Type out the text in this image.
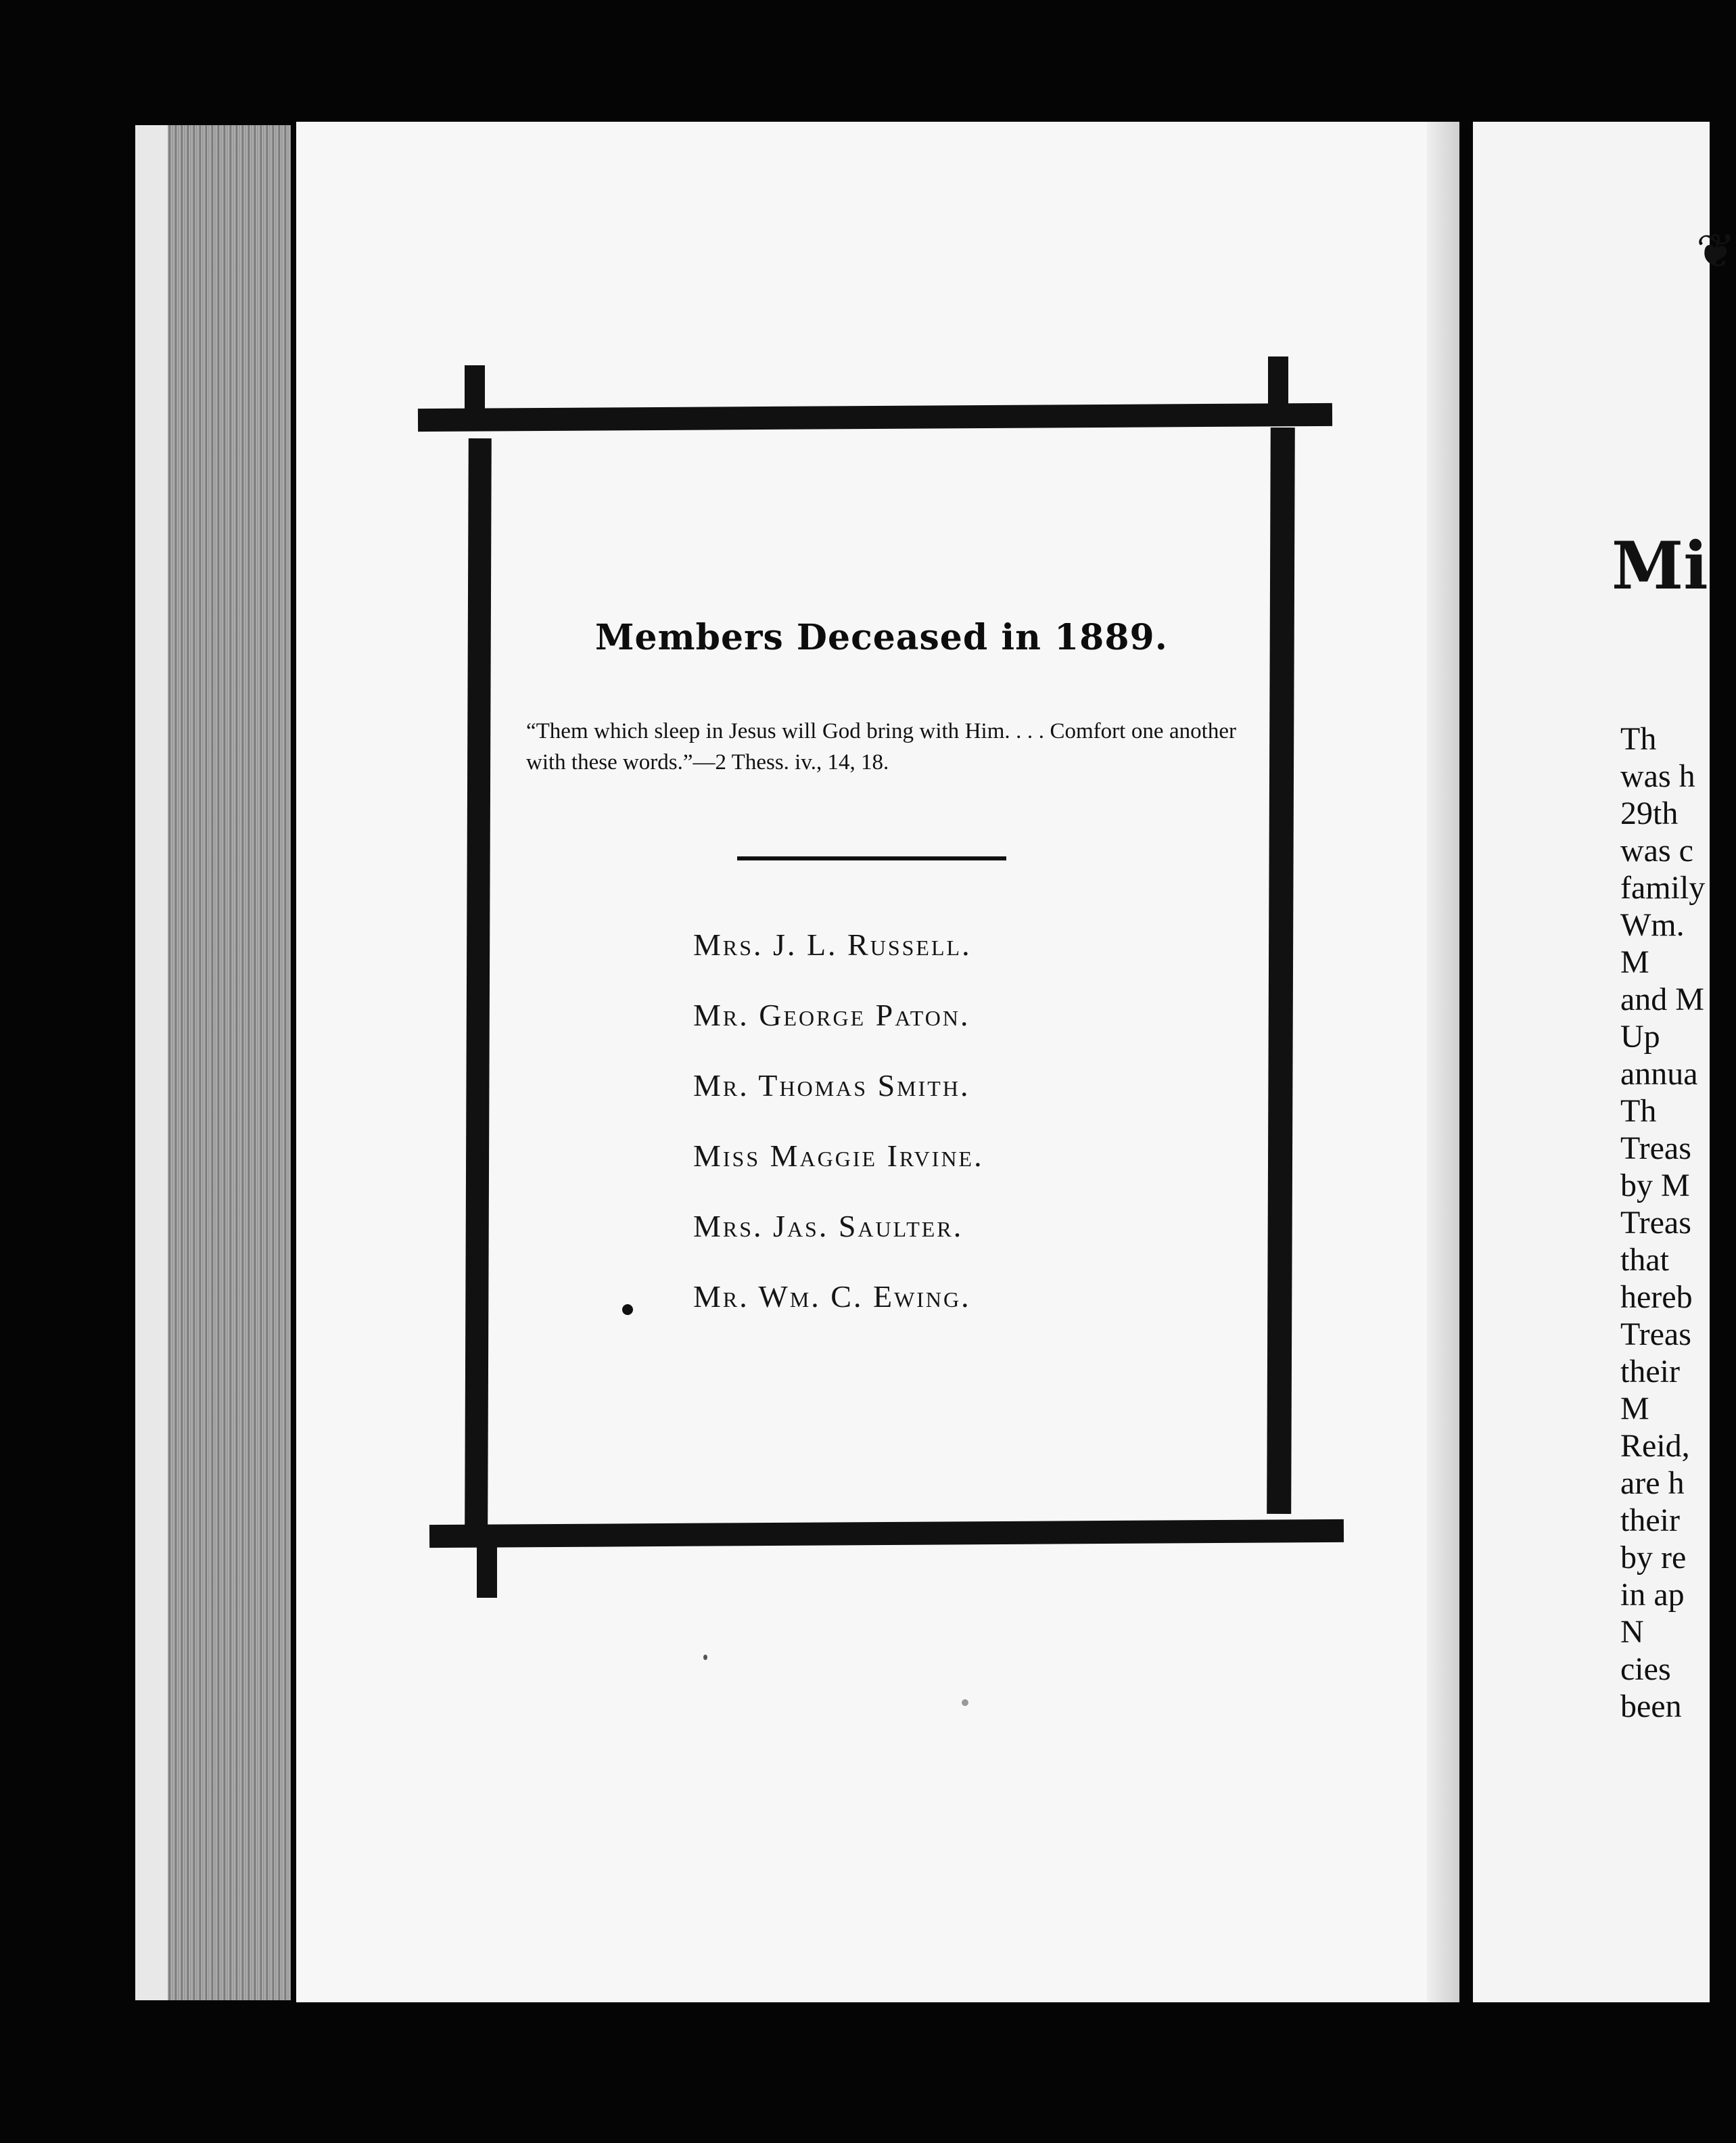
Members Deceased in 1889.
“Them which sleep in Jesus will God bring with Him. . . . Comfort one another with these words.”—2 Thess. iv., 14, 18.
Mrs. J. L. Russell.
Mr. George Paton.
Mr. Thomas Smith.
Miss Maggie Irvine.
Mrs. Jas. Saulter.
Mr. Wm. C. Ewing.
❦
Mi
Th
was h
29th
was c
family
Wm.
M
and M
Up
annua
Th
Treas
by M
Treas
that
hereb
Treas
their
M
Reid,
are h
their
by re
in ap
N
cies
been
